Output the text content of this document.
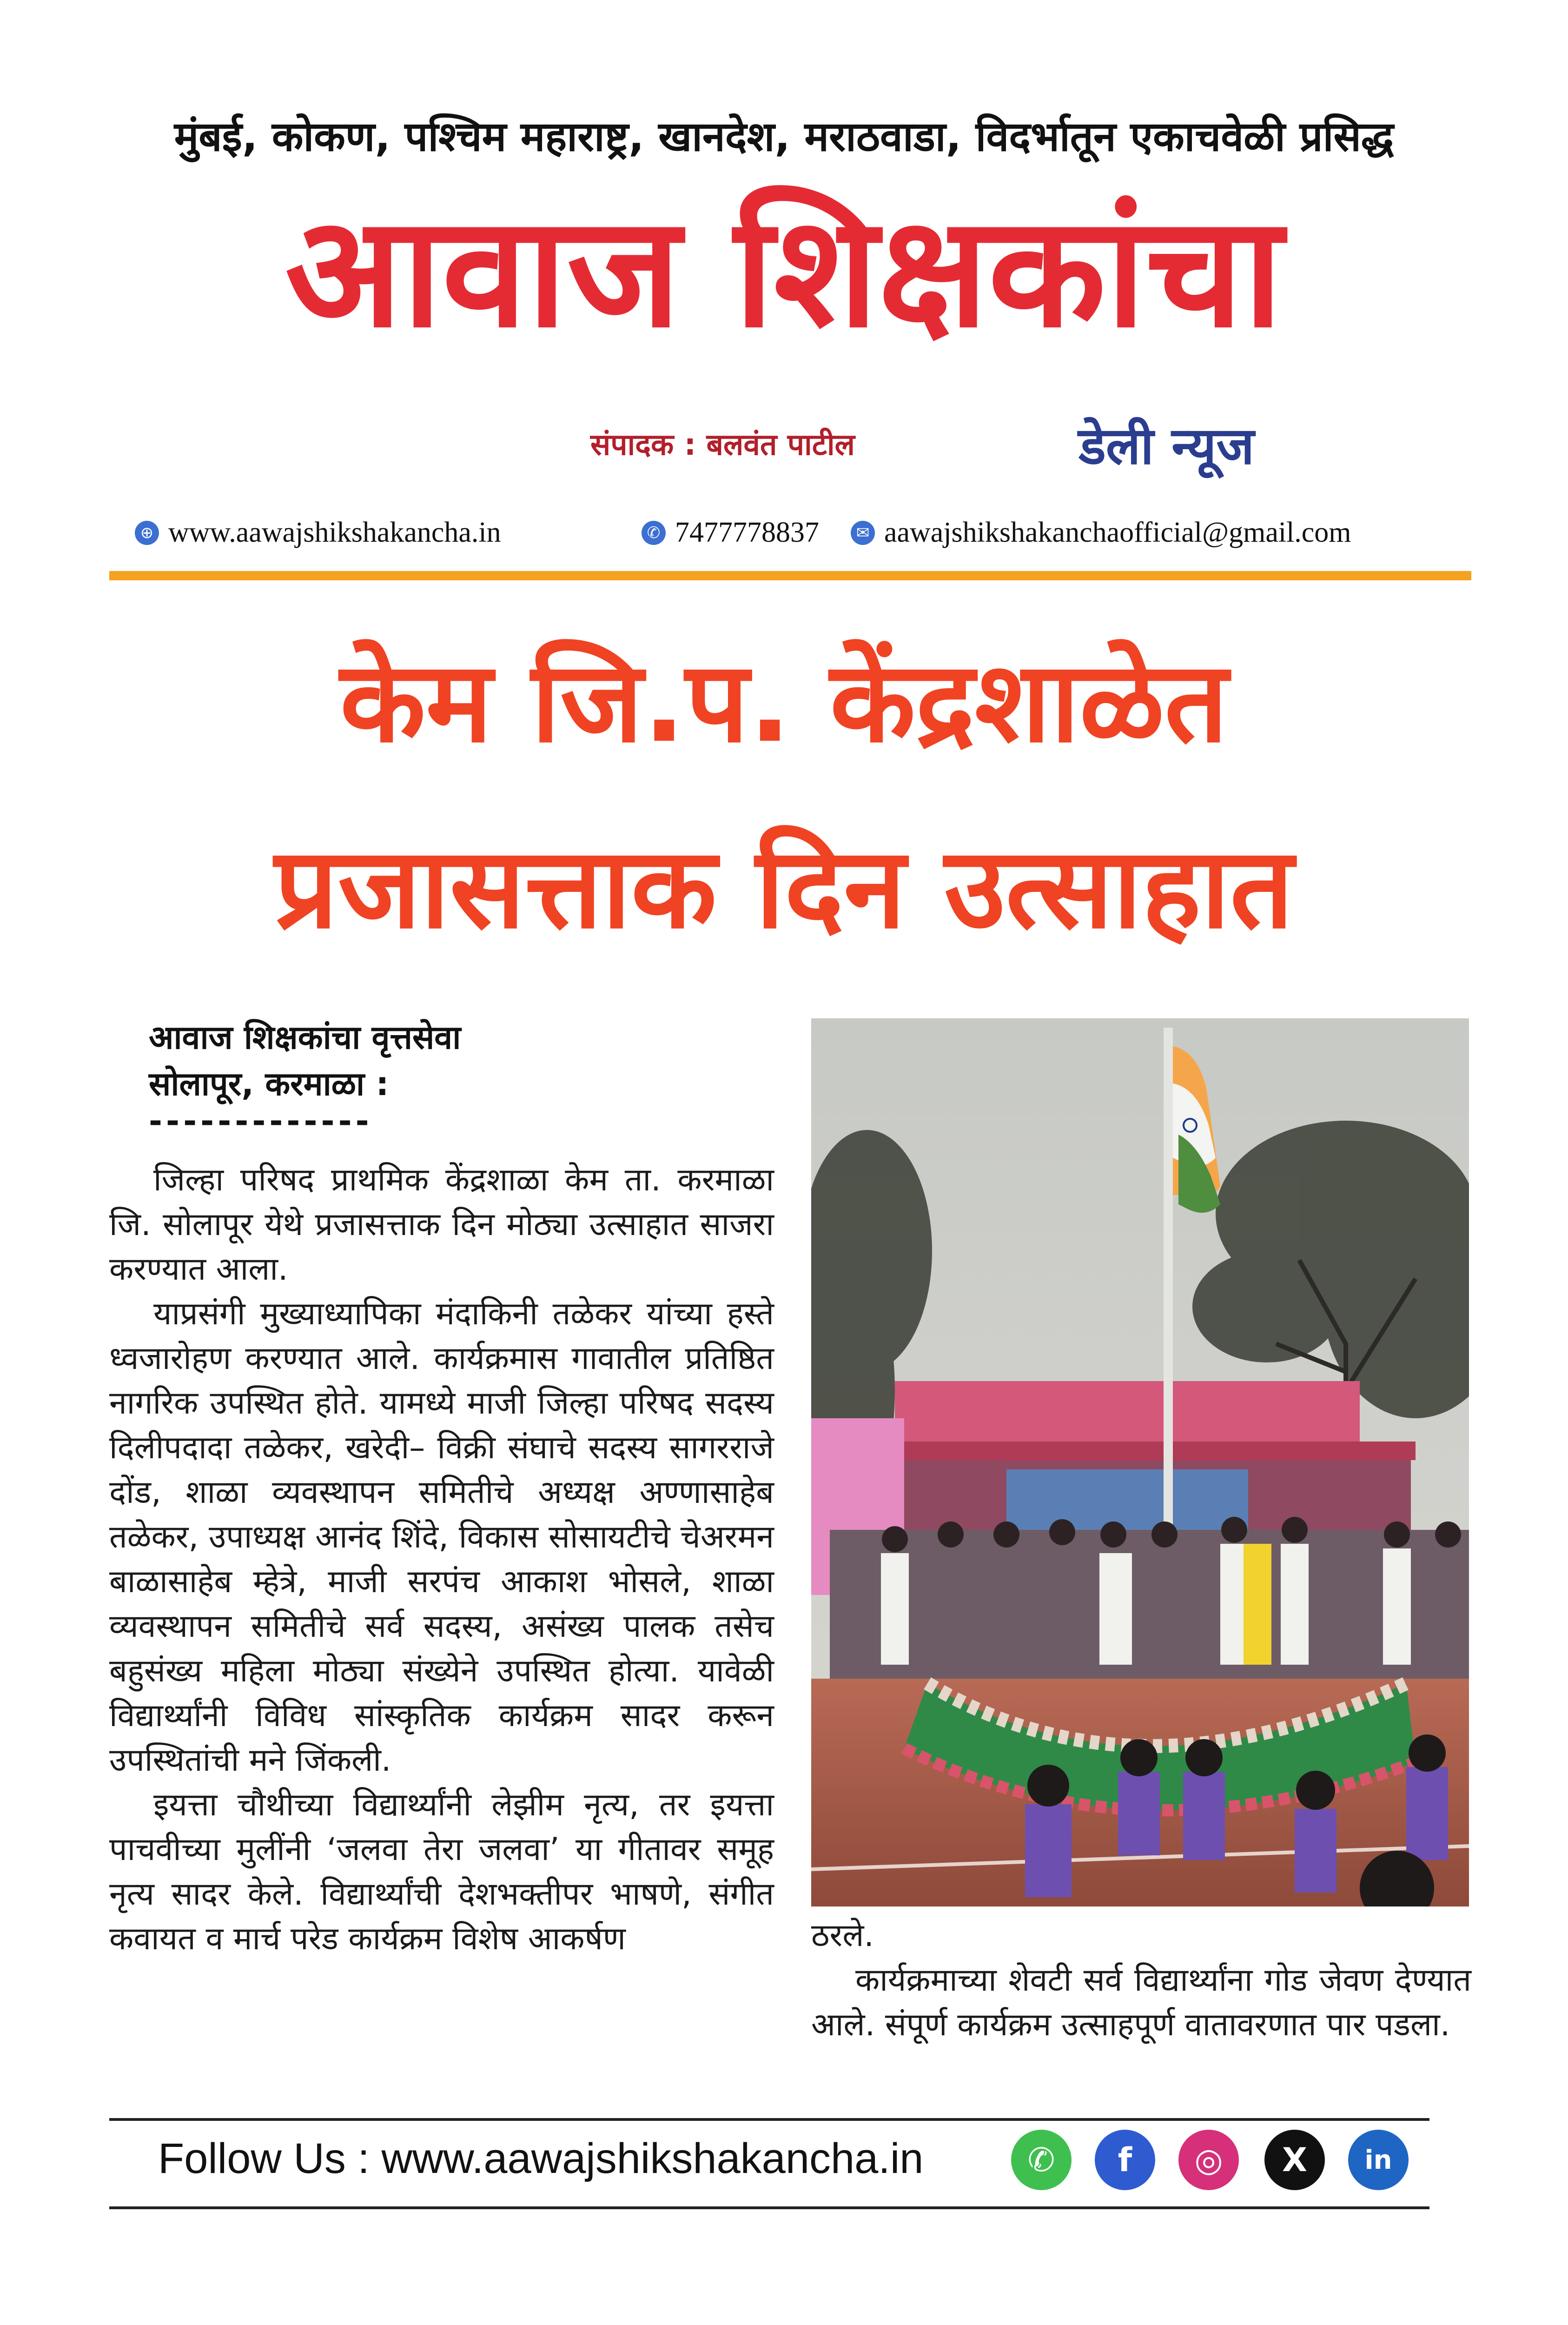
मुंबई, कोकण, पश्चिम महाराष्ट्र, खानदेश, मराठवाडा, विदर्भातून एकाचवेळी प्रसिद्ध
आवाज शिक्षकांचा
संपादक : बलवंत पाटील	डेली न्यूज
⊕ www.aawajshikshakancha.in	✆ 7477778837	✉ aawajshikshakanchaofficial@gmail.com
केम जि.प. केंद्रशाळेत
प्रजासत्ताक दिन उत्साहात
आवाज शिक्षकांचा वृत्तसेवा
सोलापूर, करमाळा :
-------------

जिल्हा परिषद प्राथमिक केंद्रशाळा केम ता. करमाळा जि. सोलापूर येथे प्रजासत्ताक दिन मोठ्या उत्साहात साजरा करण्यात आला.

याप्रसंगी मुख्याध्यापिका मंदाकिनी तळेकर यांच्या हस्ते ध्वजारोहण करण्यात आले. कार्यक्रमास गावातील प्रतिष्ठित नागरिक उपस्थित होते. यामध्ये माजी जिल्हा परिषद सदस्य दिलीपदादा तळेकर, खरेदी– विक्री संघाचे सदस्य सागरराजे दोंड, शाळा व्यवस्थापन समितीचे अध्यक्ष अण्णासाहेब तळेकर, उपाध्यक्ष आनंद शिंदे, विकास सोसायटीचे चेअरमन बाळासाहेब म्हेत्रे, माजी सरपंच आकाश भोसले, शाळा व्यवस्थापन समितीचे सर्व सदस्य, असंख्य पालक तसेच बहुसंख्य महिला मोठ्या संख्येने उपस्थित होत्या. यावेळी विद्यार्थ्यांनी विविध सांस्कृतिक कार्यक्रम सादर करून उपस्थितांची मने जिंकली.

इयत्ता चौथीच्या विद्यार्थ्यांनी लेझीम नृत्य, तर इयत्ता पाचवीच्या मुलींनी ‘जलवा तेरा जलवा’ या गीतावर समूह नृत्य सादर केले. विद्यार्थ्यांची देशभक्तीपर भाषणे, संगीत कवायत व मार्च परेड कार्यक्रम विशेष आकर्षण	ठरले.

कार्यक्रमाच्या शेवटी सर्व विद्यार्थ्यांना गोड जेवण देण्यात आले. संपूर्ण कार्यक्रम उत्साहपूर्ण वातावरणात पार पडला.

Follow Us : www.aawajshikshakancha.in	✆	f	◎	X	in
